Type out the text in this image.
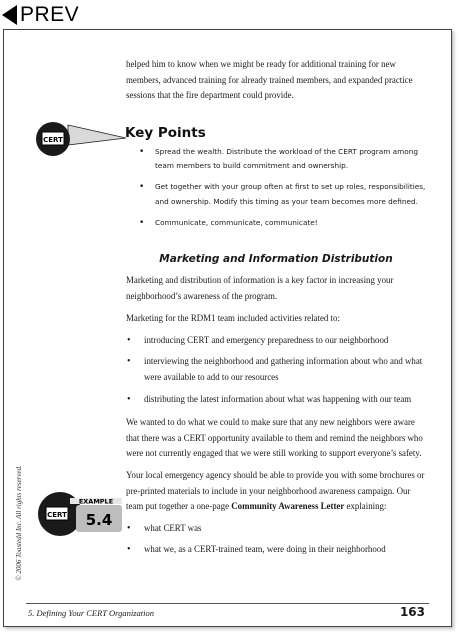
PREV

helped him to know when we might be ready for additional training for new members, advanced training for already trained members, and expanded practice sessions that the fire department could provide.

CERT	Key Points
• Spread the wealth. Distribute the workload of the CERT program among team members to build commitment and ownership.
• Get together with your group often at first to set up roles, responsibilities, and ownership. Modify this timing as your team becomes more defined.
• Communicate, communicate, communicate!
Marketing and Information Distribution

Marketing and distribution of information is a key factor in increasing your neighborhood’s awareness of the program.

Marketing for the RDM1 team included activities related to:

• introducing CERT and emergency preparedness to our neighborhood
• interviewing the neighborhood and gathering information about who and what were available to add to our resources
• distributing the latest information about what was happening with our team

We wanted to do what we could to make sure that any new neighbors were aware that there was a CERT opportunity available to them and remind the neighbors who were not currently engaged that we were still working to support everyone’s safety.

Your local emergency agency should be able to provide you with some brochures or pre-printed materials to include in your neighborhood awareness campaign. Our team put together a one-page Community Awareness Letter explaining:

• what CERT was
• what we, as a CERT-trained team, were doing in their neighborhood
CERT
EXAMPLE
5.4
© 2006 Toastedd Inc. All rights reserved.
5. Defining Your CERT Organization	163
